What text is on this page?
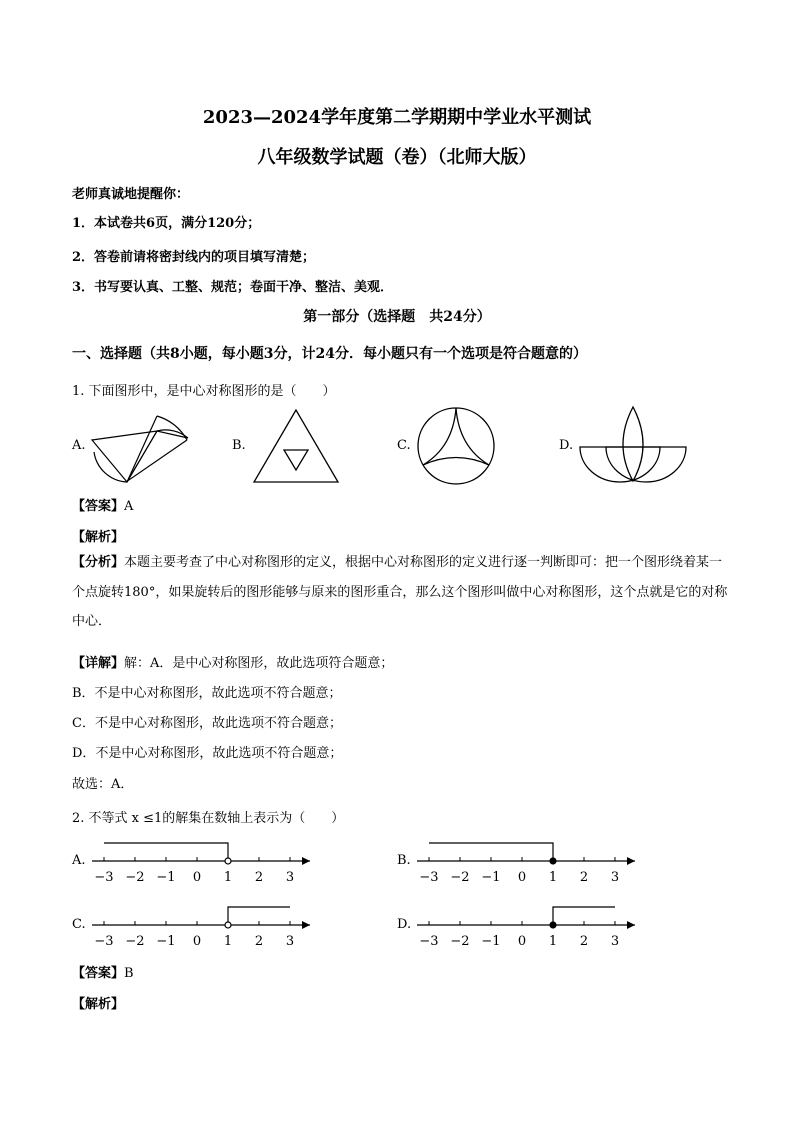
2023—2024学年度第二学期期中学业水平测试
八年级数学试题（卷）（北师大版）
老师真诚地提醒你：
1．本试卷共6页，满分120分；
2．答卷前请将密封线内的项目填写清楚；
3．书写要认真、工整、规范；卷面干净、整洁、美观．
第一部分（选择题　共24分）
一、选择题（共8小题，每小题3分，计24分．每小题只有一个选项是符合题意的）
1. 下面图形中，是中心对称图形的是（　　）
A.	B.	C.	D.
【答案】A
【解析】
【分析】本题主要考查了中心对称图形的定义，根据中心对称图形的定义进行逐一判断即可：把一个图形绕着某一个点旋转180°，如果旋转后的图形能够与原来的图形重合，那么这个图形叫做中心对称图形，这个点就是它的对称中心．
【详解】解：A．是中心对称图形，故此选项符合题意；
B．不是中心对称图形，故此选项不符合题意；
C．不是中心对称图形，故此选项不符合题意；
D．不是中心对称图形，故此选项不符合题意；
故选：A．
2. 不等式 x ≤1的解集在数轴上表示为（　　）
A.	B.
C.	D.
−3 −2 −1 0 1 2 3	−3 −2 −1 0 1 2 3
−3 −2 −1 0 1 2 3	−3 −2 −1 0 1 2 3
【答案】B
【解析】
